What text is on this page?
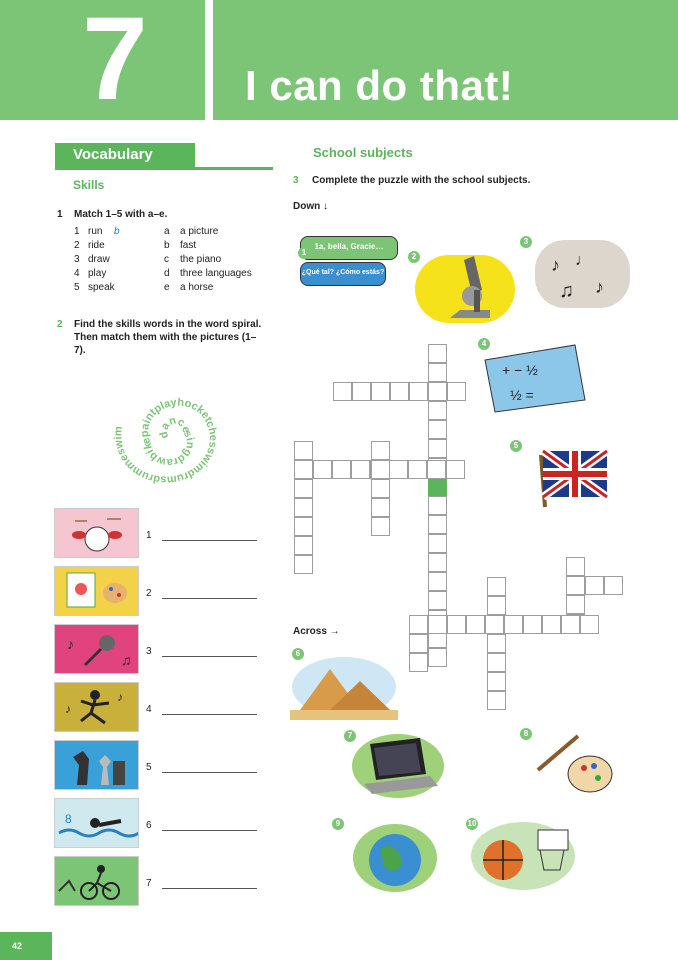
7	I can do that!
Vocabulary
Skills
1 Match 1–5 with a–e.
1 run b	a a picture
2 ride	b fast
3 draw	c the piano
4 play	d three languages
5 speak	e a horse
2 Find the skills words in the word spiral. Then match them with the pictures (1–7).
dancesingdrawbikepaintplayhocketchesswimdrumsdrummeswim
1
2
♪
♫
3
♪
♪
4
5
8	6
7
School subjects
3 Complete the puzzle with the school subjects.
Down ↓
Across →
1a, bella, Gracie…
¿Qué tal? ¿Cómo estás?	♪ ♩
♫ ♪
+ − ½
½ =
1	2
3
4
5
6
7	8
9	10
42
